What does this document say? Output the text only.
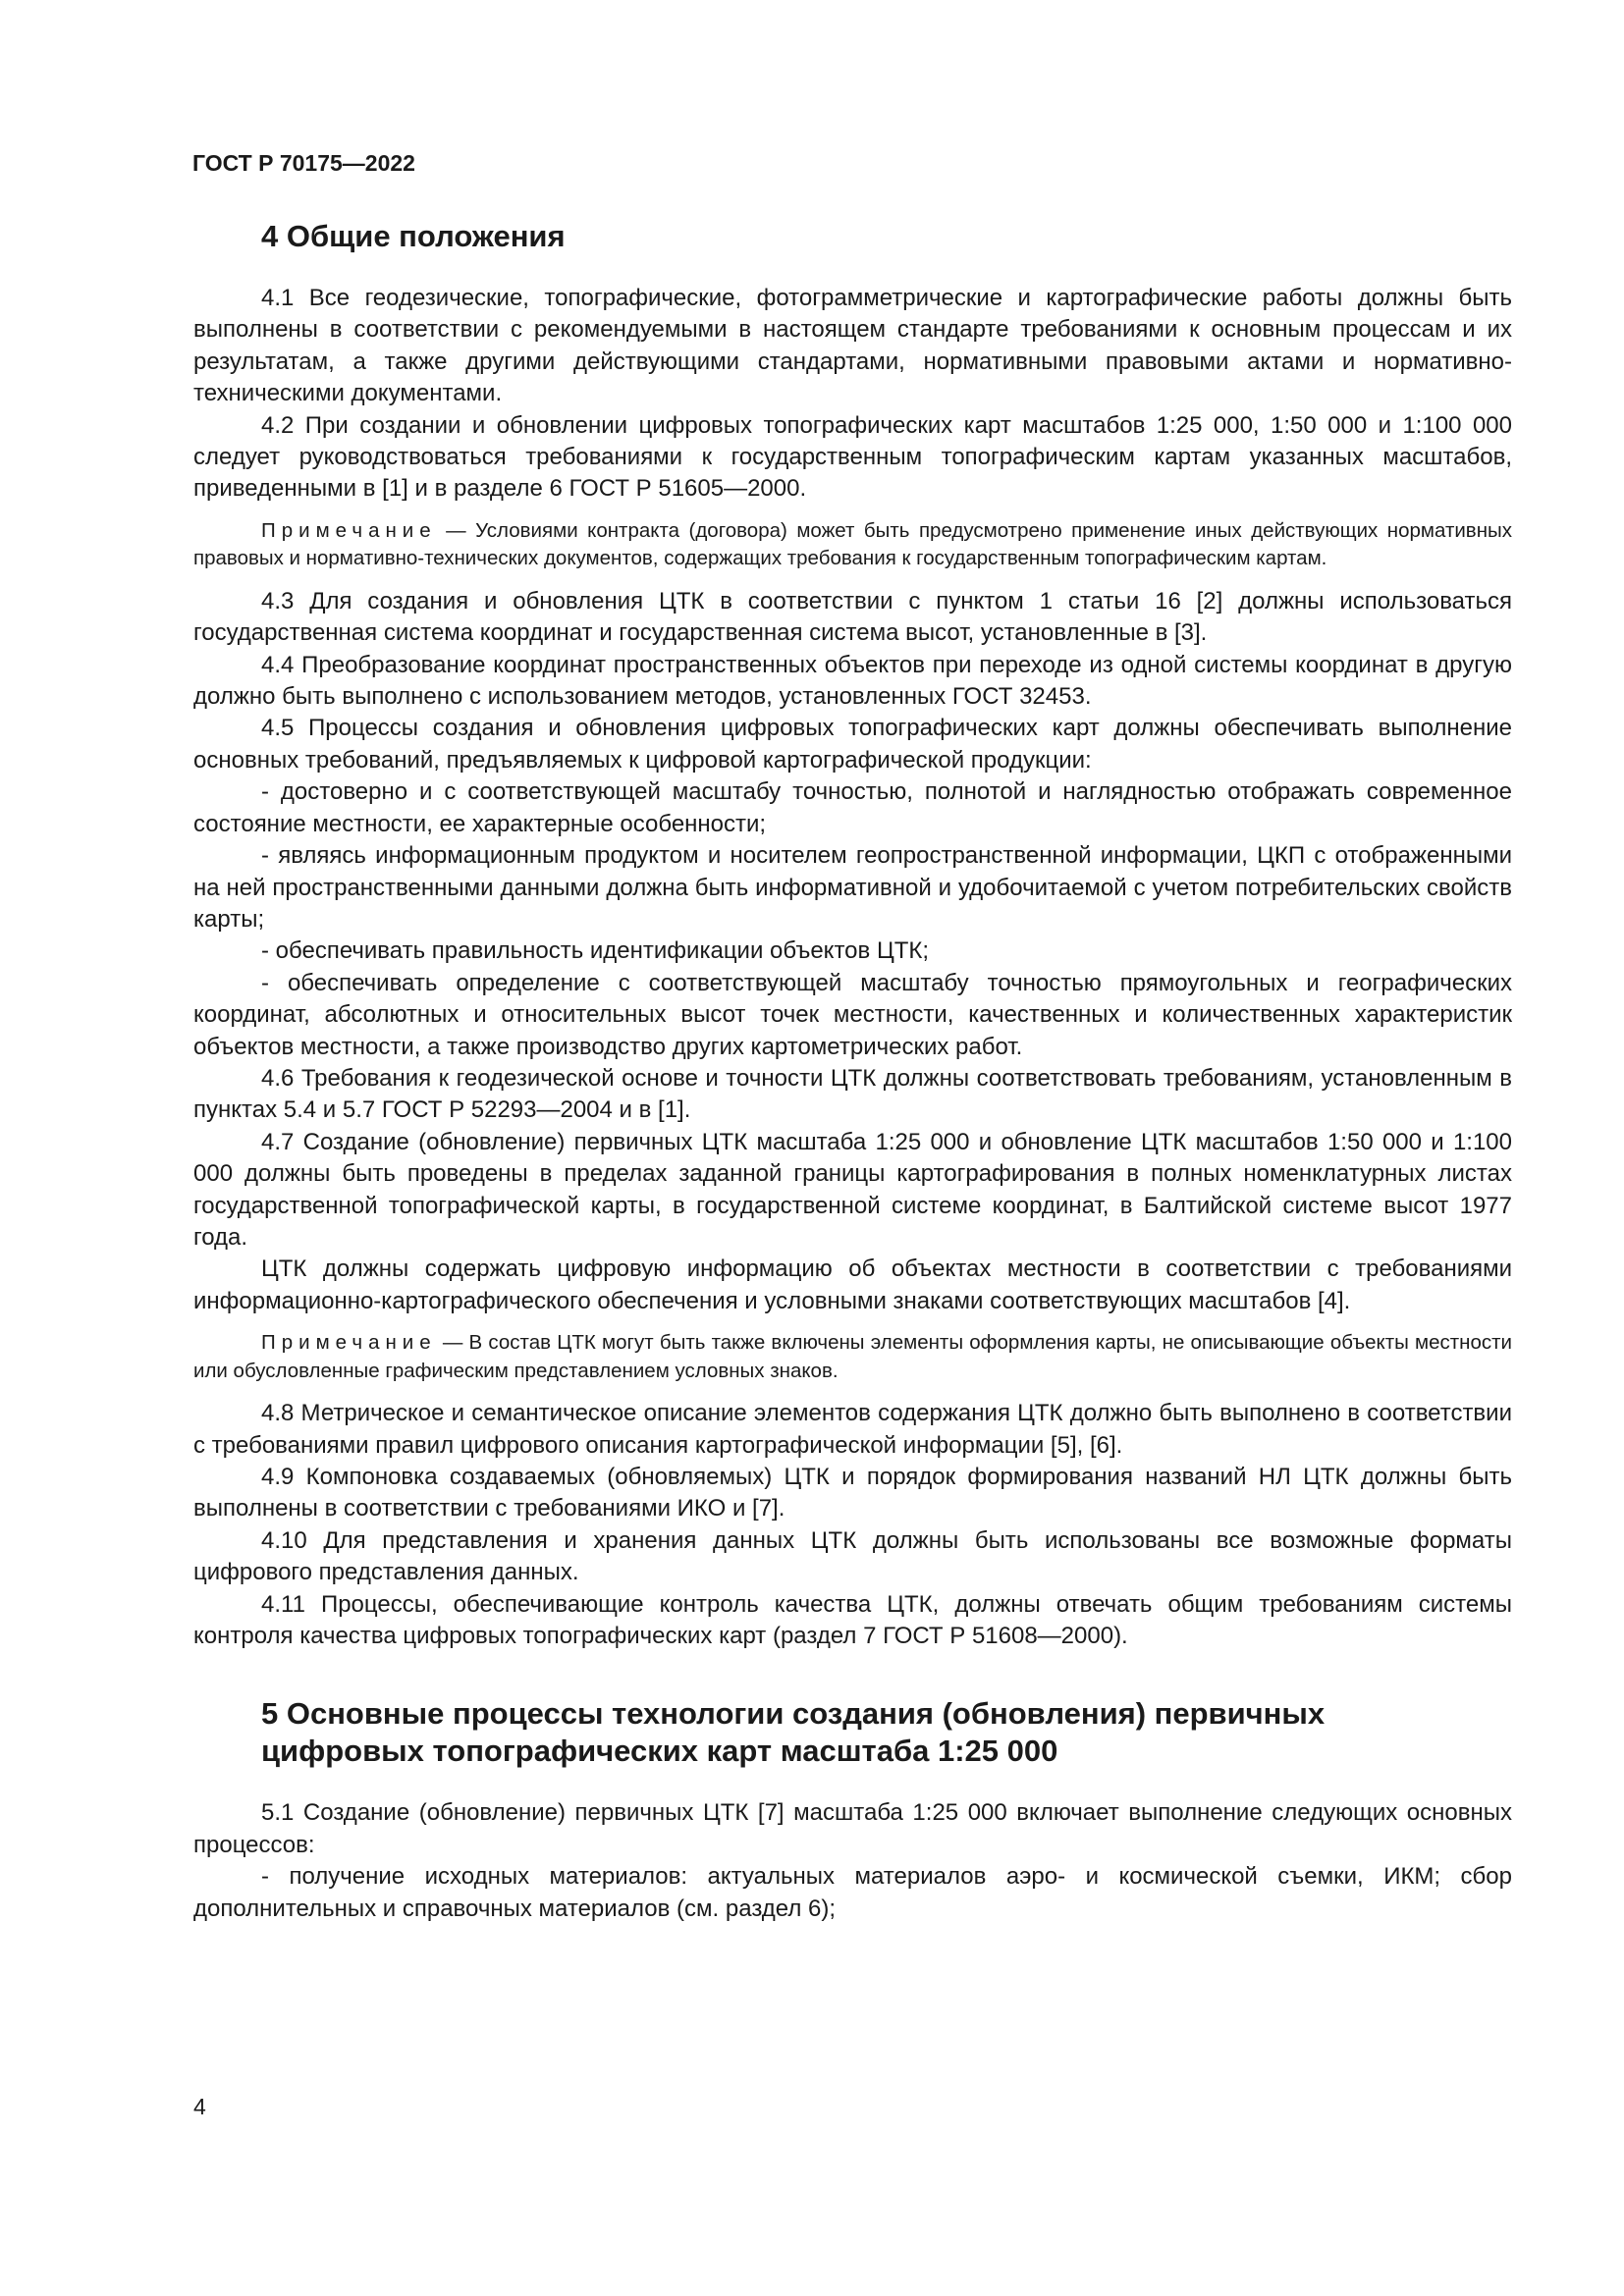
ГОСТ Р 70175—2022
4 Общие положения

4.1 Все геодезические, топографические, фотограмметрические и картографические работы должны быть выполнены в соответствии с рекомендуемыми в настоящем стандарте требованиями к основным процессам и их результатам, а также другими действующими стандартами, нормативными правовыми актами и нормативно-техническими документами.

4.2 При создании и обновлении цифровых топографических карт масштабов 1:25 000, 1:50 000 и 1:100 000 следует руководствоваться требованиями к государственным топографическим картам указанных масштабов, приведенными в [1] и в разделе 6 ГОСТ Р 51605—2000.

Примечание — Условиями контракта (договора) может быть предусмотрено применение иных действующих нормативных правовых и нормативно-технических документов, содержащих требования к государственным топографическим картам.

4.3 Для создания и обновления ЦТК в соответствии с пунктом 1 статьи 16 [2] должны использоваться государственная система координат и государственная система высот, установленные в [3].

4.4 Преобразование координат пространственных объектов при переходе из одной системы координат в другую должно быть выполнено с использованием методов, установленных ГОСТ 32453.

4.5 Процессы создания и обновления цифровых топографических карт должны обеспечивать выполнение основных требований, предъявляемых к цифровой картографической продукции:

- достоверно и с соответствующей масштабу точностью, полнотой и наглядностью отображать современное состояние местности, ее характерные особенности;

- являясь информационным продуктом и носителем геопространственной информации, ЦКП с отображенными на ней пространственными данными должна быть информативной и удобочитаемой с учетом потребительских свойств карты;

- обеспечивать правильность идентификации объектов ЦТК;

- обеспечивать определение с соответствующей масштабу точностью прямоугольных и географических координат, абсолютных и относительных высот точек местности, качественных и количественных характеристик объектов местности, а также производство других картометрических работ.

4.6 Требования к геодезической основе и точности ЦТК должны соответствовать требованиям, установленным в пунктах 5.4 и 5.7 ГОСТ Р 52293—2004 и в [1].

4.7 Создание (обновление) первичных ЦТК масштаба 1:25 000 и обновление ЦТК масштабов 1:50 000 и 1:100 000 должны быть проведены в пределах заданной границы картографирования в полных номенклатурных листах государственной топографической карты, в государственной системе координат, в Балтийской системе высот 1977 года.

ЦТК должны содержать цифровую информацию об объектах местности в соответствии с требованиями информационно-картографического обеспечения и условными знаками соответствующих масштабов [4].

Примечание — В состав ЦТК могут быть также включены элементы оформления карты, не описывающие объекты местности или обусловленные графическим представлением условных знаков.

4.8 Метрическое и семантическое описание элементов содержания ЦТК должно быть выполнено в соответствии с требованиями правил цифрового описания картографической информации [5], [6].

4.9 Компоновка создаваемых (обновляемых) ЦТК и порядок формирования названий НЛ ЦТК должны быть выполнены в соответствии с требованиями ИКО и [7].

4.10 Для представления и хранения данных ЦТК должны быть использованы все возможные форматы цифрового представления данных.

4.11 Процессы, обеспечивающие контроль качества ЦТК, должны отвечать общим требованиям системы контроля качества цифровых топографических карт (раздел 7 ГОСТ Р 51608—2000).

5 Основные процессы технологии создания (обновления) первичных
цифровых топографических карт масштаба 1:25 000

5.1 Создание (обновление) первичных ЦТК [7] масштаба 1:25 000 включает выполнение следующих основных процессов:

- получение исходных материалов: актуальных материалов аэро- и космической съемки, ИКМ; сбор дополнительных и справочных материалов (см. раздел 6);

4
